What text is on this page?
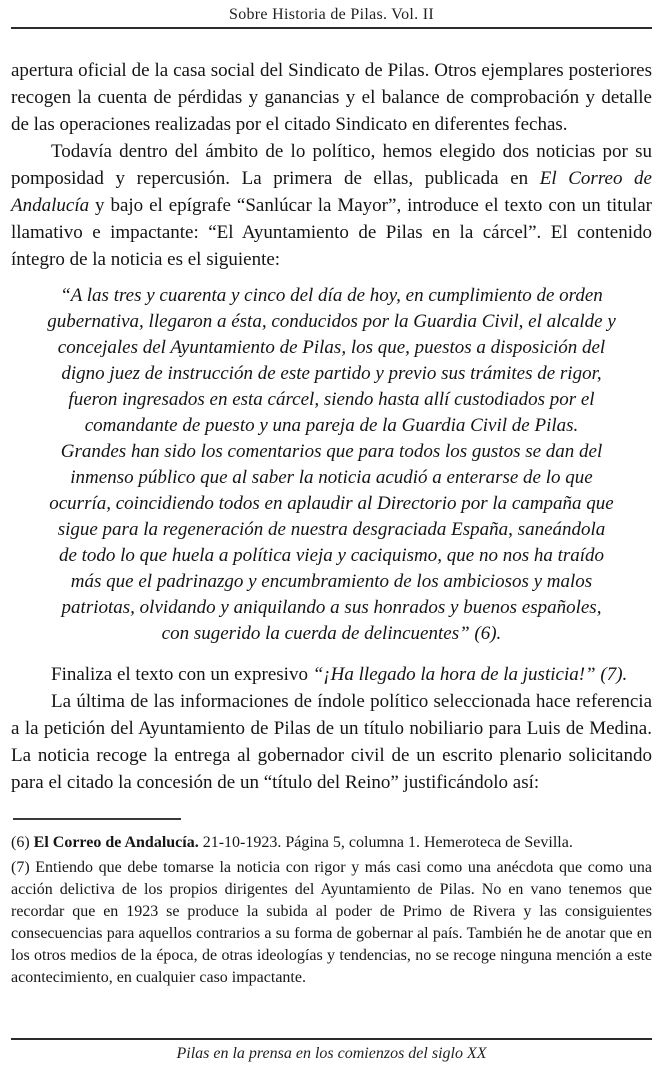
Sobre Historia de Pilas. Vol. II

apertura oficial de la casa social del Sindicato de Pilas. Otros ejemplares posteriores recogen la cuenta de pérdidas y ganancias y el balance de comprobación y detalle de las operaciones realizadas por el citado Sindicato en diferentes fechas.

Todavía dentro del ámbito de lo político, hemos elegido dos noticias por su pomposidad y repercusión. La primera de ellas, publicada en El Correo de Andalucía y bajo el epígrafe “Sanlúcar la Mayor”, introduce el texto con un titular llamativo e impactante: “El Ayuntamiento de Pilas en la cárcel”. El contenido íntegro de la noticia es el siguiente:

“A las tres y cuarenta y cinco del día de hoy, en cumplimiento de orden
gubernativa, llegaron a ésta, conducidos por la Guardia Civil, el alcalde y
concejales del Ayuntamiento de Pilas, los que, puestos a disposición del
digno juez de instrucción de este partido y previo sus trámites de rigor,
fueron ingresados en esta cárcel, siendo hasta allí custodiados por el
comandante de puesto y una pareja de la Guardia Civil de Pilas.
Grandes han sido los comentarios que para todos los gustos se dan del
inmenso público que al saber la noticia acudió a enterarse de lo que
ocurría, coincidiendo todos en aplaudir al Directorio por la campaña que
sigue para la regeneración de nuestra desgraciada España, saneándola
de todo lo que huela a política vieja y caciquismo, que no nos ha traído
más que el padrinazgo y encumbramiento de los ambiciosos y malos
patriotas, olvidando y aniquilando a sus honrados y buenos españoles,
con sugerido la cuerda de delincuentes” (6).

Finaliza el texto con un expresivo “¡Ha llegado la hora de la justicia!” (7).

La última de las informaciones de índole político seleccionada hace referencia a la petición del Ayuntamiento de Pilas de un título nobiliario para Luis de Medina. La noticia recoge la entrega al gobernador civil de un escrito plenario solicitando para el citado la concesión de un “título del Reino” justificándolo así:

(6) El Correo de Andalucía. 21-10-1923. Página 5, columna 1. Hemeroteca de Sevilla.

(7) Entiendo que debe tomarse la noticia con rigor y más casi como una anécdota que como una acción delictiva de los propios dirigentes del Ayuntamiento de Pilas. No en vano tenemos que recordar que en 1923 se produce la subida al poder de Primo de Rivera y las consiguientes consecuencias para aquellos contrarios a su forma de gobernar al país. También he de anotar que en los otros medios de la época, de otras ideologías y tendencias, no se recoge ninguna mención a este acontecimiento, en cualquier caso impactante.

Pilas en la prensa en los comienzos del siglo XX
